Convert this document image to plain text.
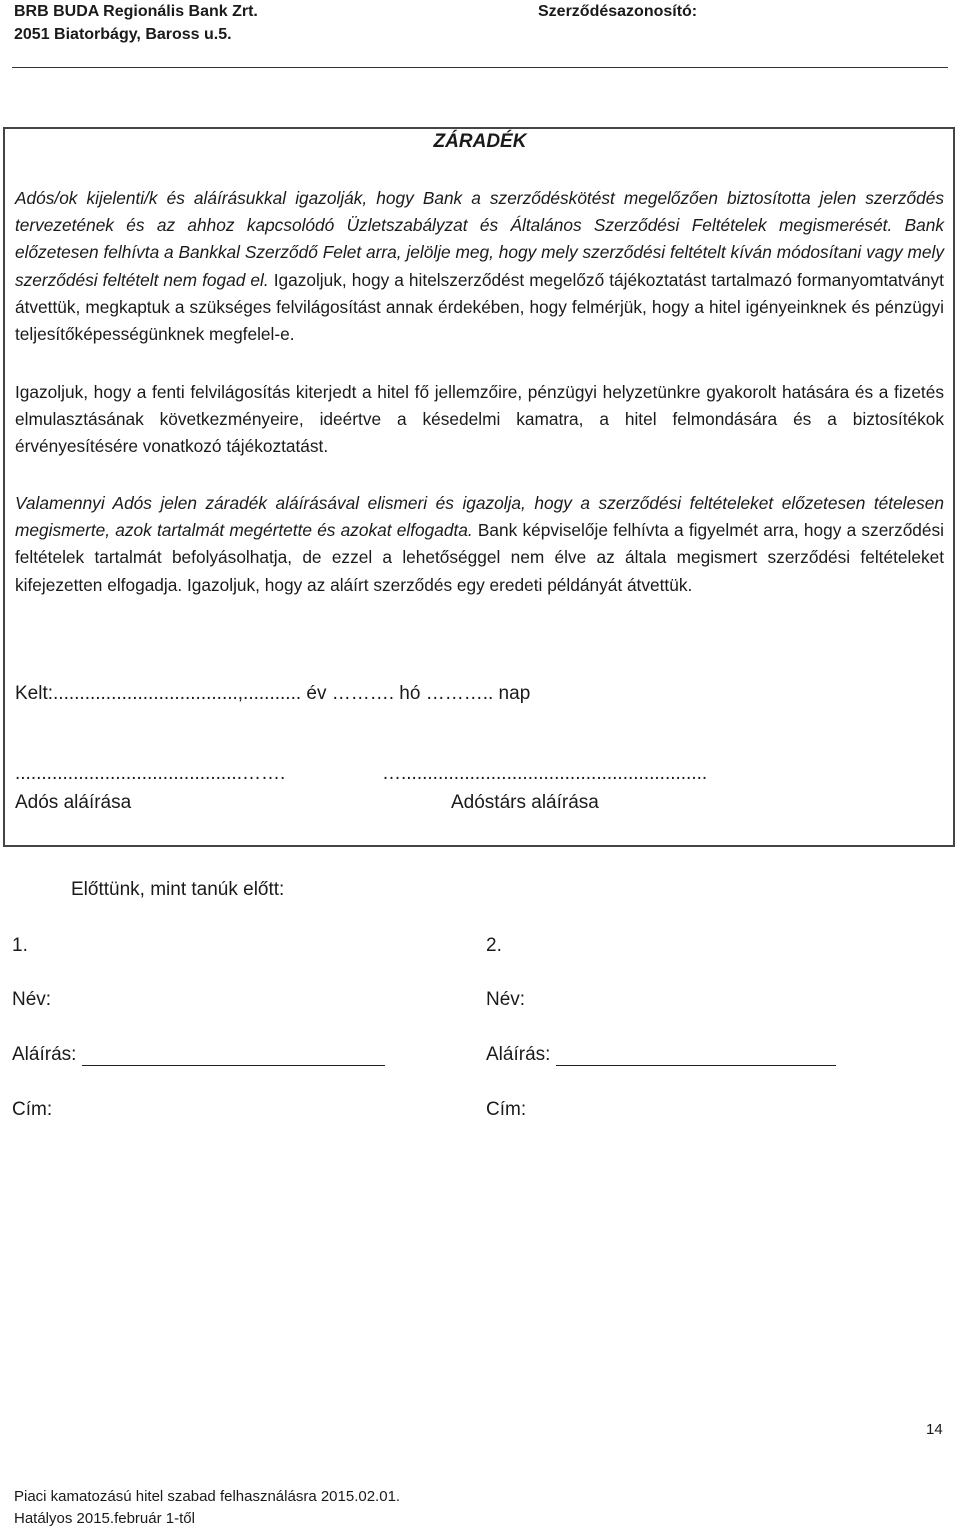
BRB BUDA Regionális Bank Zrt.
2051 Biatorbágy, Baross u.5.
Szerződésazonosító:
ZÁRADÉK

Adós/ok kijelenti/k és aláírásukkal igazolják, hogy Bank a szerződéskötést megelőzően biztosította jelen szerződés tervezetének és az ahhoz kapcsolódó Üzletszabályzat és Általános Szerződési Feltételek megismerését. Bank előzetesen felhívta a Bankkal Szerződő Felet arra, jelölje meg, hogy mely szerződési feltételt kíván módosítani vagy mely szerződési feltételt nem fogad el. Igazoljuk, hogy a hitelszerződést megelőző tájékoztatást tartalmazó formanyomtatványt átvettük, megkaptuk a szükséges felvilágosítást annak érdekében, hogy felmérjük, hogy a hitel igényeinknek és pénzügyi teljesítőképességünknek megfelel-e.

Igazoljuk, hogy a fenti felvilágosítás kiterjedt a hitel fő jellemzőire, pénzügyi helyzetünkre gyakorolt hatására és a fizetés elmulasztásának következményeire, ideértve a késedelmi kamatra, a hitel felmondására és a biztosítékok érvényesítésére vonatkozó tájékoztatást.

Valamennyi Adós jelen záradék aláírásával elismeri és igazolja, hogy a szerződési feltételeket előzetesen tételesen megismerte, azok tartalmát megértette és azokat elfogadta. Bank képviselője felhívta a figyelmét arra, hogy a szerződési feltételek tartalmát befolyásolhatja, de ezzel a lehetőséggel nem élve az általa megismert szerződési feltételeket kifejezetten elfogadja. Igazoljuk, hogy az aláírt szerződés egy eredeti példányát átvettük.

Kelt:...................................,........... év ………. hó ……….. nap
...........................................…….	…..........................................................
Adós aláírása	Adóstárs aláírása
Előttünk, mint tanúk előtt:
1.
Név:
Aláírás:
Cím:
2.
Név:
Aláírás:
Cím:
14
Piaci kamatozású hitel szabad felhasználásra 2015.02.01.
Hatályos 2015.február 1-től
